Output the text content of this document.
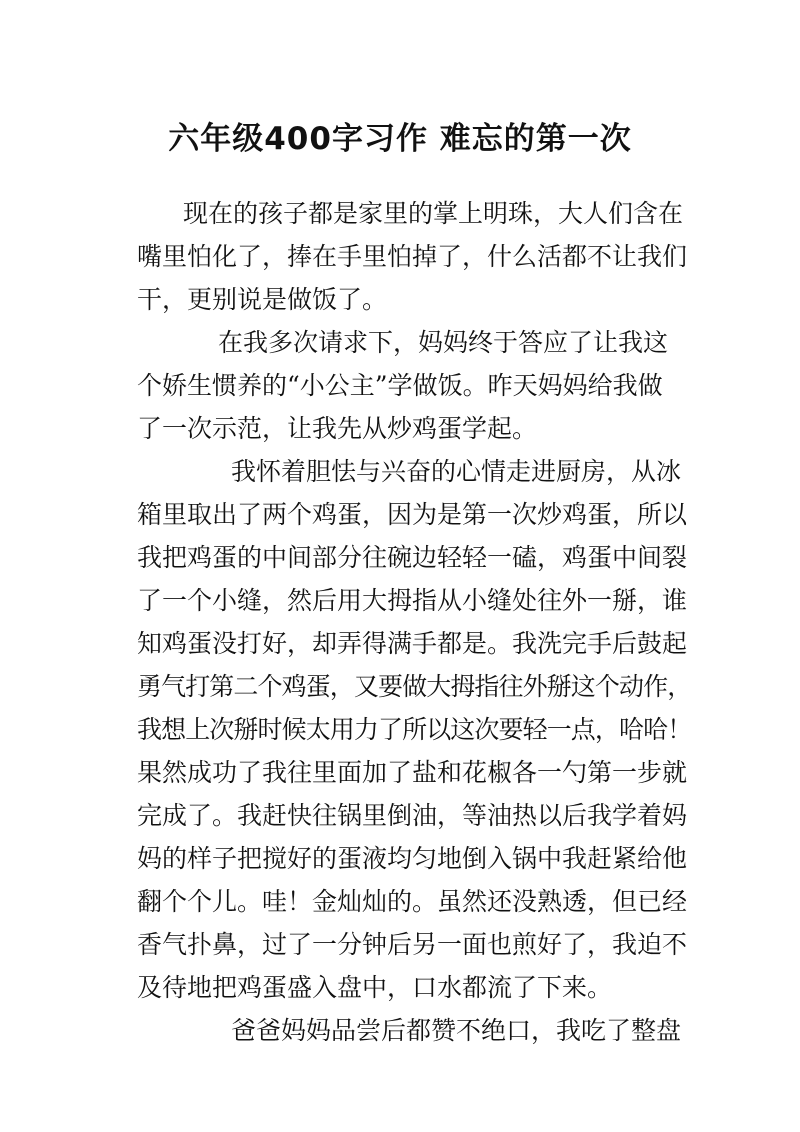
六年级400字习作 难忘的第一次

现在的孩子都是家里的掌上明珠，大人们含在

嘴里怕化了，捧在手里怕掉了，什么活都不让我们

干，更别说是做饭了。

在我多次请求下，妈妈终于答应了让我这

个娇生惯养的“小公主”学做饭。昨天妈妈给我做

了一次示范，让我先从炒鸡蛋学起。

我怀着胆怯与兴奋的心情走进厨房，从冰

箱里取出了两个鸡蛋，因为是第一次炒鸡蛋，所以

我把鸡蛋的中间部分往碗边轻轻一磕，鸡蛋中间裂

了一个小缝，然后用大拇指从小缝处往外一掰，谁

知鸡蛋没打好，却弄得满手都是。我洗完手后鼓起

勇气打第二个鸡蛋，又要做大拇指往外掰这个动作，

我想上次掰时候太用力了所以这次要轻一点，哈哈！

果然成功了我往里面加了盐和花椒各一勺第一步就

完成了。我赶快往锅里倒油，等油热以后我学着妈

妈的样子把搅好的蛋液均匀地倒入锅中我赶紧给他

翻个个儿。哇！金灿灿的。虽然还没熟透，但已经

香气扑鼻，过了一分钟后另一面也煎好了，我迫不

及待地把鸡蛋盛入盘中，口水都流了下来。

爸爸妈妈品尝后都赞不绝口，我吃了整盘
